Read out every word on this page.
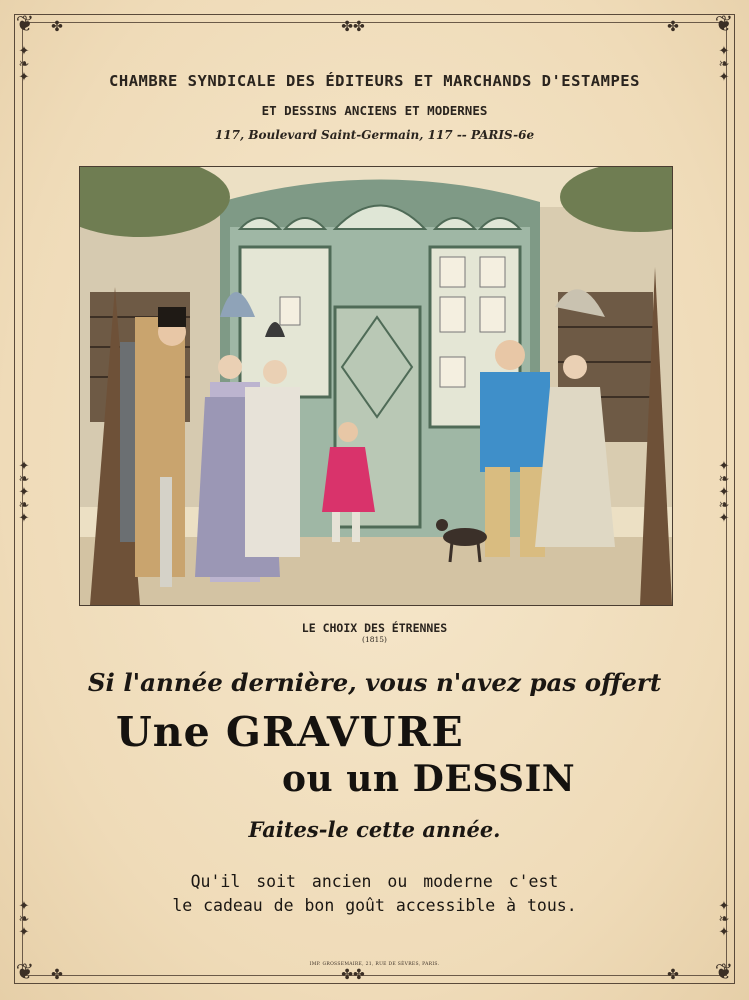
❦	❦
❦	❦
✤	✤✤	✤
✤	✤✤	✤
✦
❧
✦
✦
❧
✦
❧
✦
✦
❧
✦
✦
❧
✦
✦
❧
✦
❧
✦
✦
❧
✦
CHAMBRE SYNDICALE DES ÉDITEURS ET MARCHANDS D'ESTAMPES
ET DESSINS ANCIENS ET MODERNES
117, Boulevard Saint-Germain, 117 -- PARIS-6e
LE CHOIX DES ÉTRENNES
(1815)
Si l'année dernière, vous n'avez pas offert
Une GRAVURE
ou un DESSIN
Faites-le cette année.
Qu'il soit ancien ou moderne c'est
le cadeau de bon goût accessible à tous.
IMP. GROSSEMAIRE, 21, RUE DE SÈVRES, PARIS.
